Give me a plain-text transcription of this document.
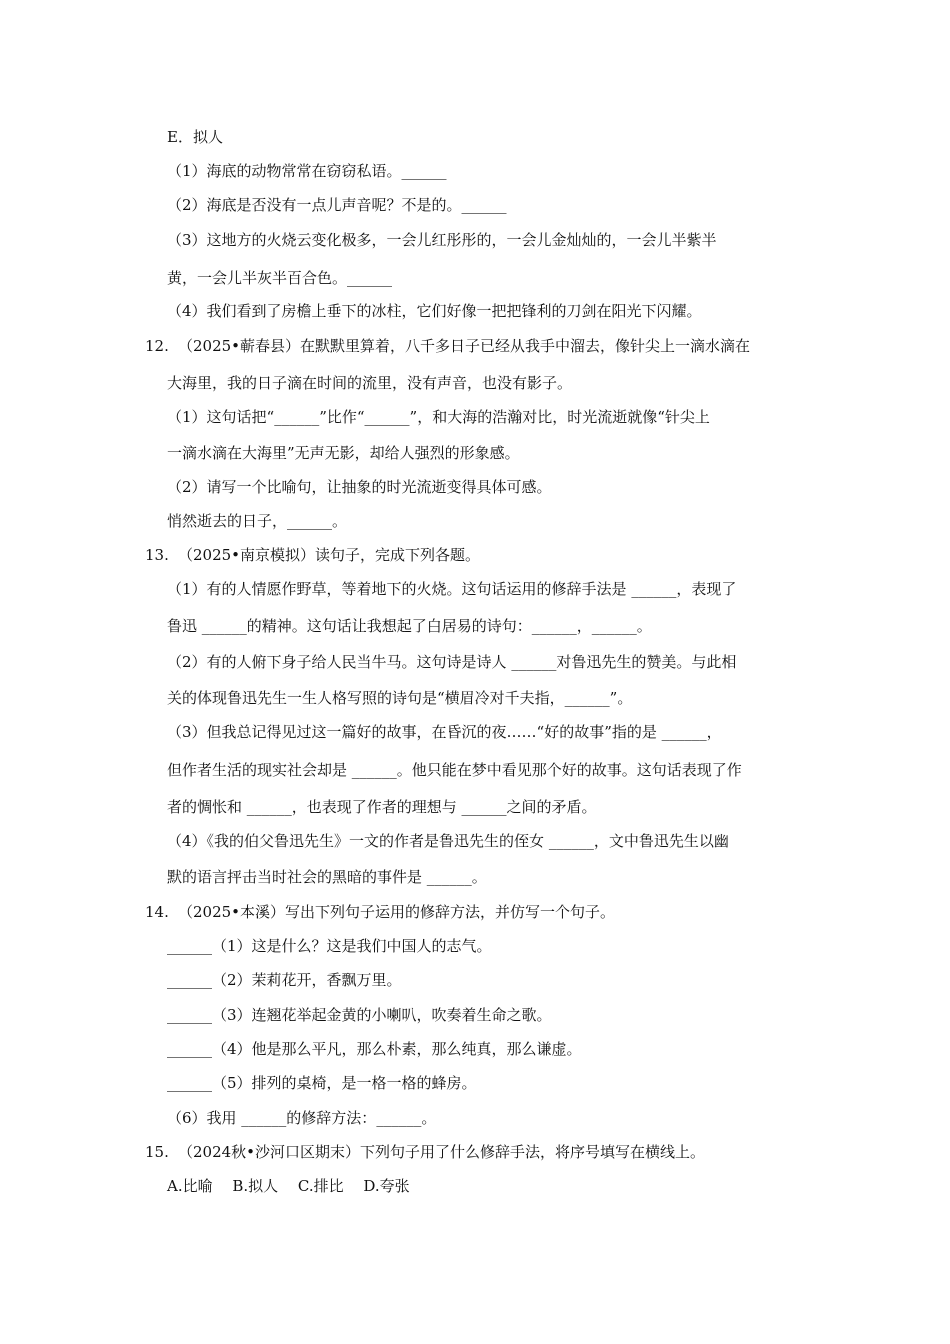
E．拟人
（1）海底的动物常常在窃窃私语。______
（2）海底是否没有一点儿声音呢？不是的。______
（3）这地方的火烧云变化极多，一会儿红彤彤的，一会儿金灿灿的，一会儿半紫半
黄，一会儿半灰半百合色。______
（4）我们看到了房檐上垂下的冰柱，它们好像一把把锋利的刀剑在阳光下闪耀。
12. （2025•蕲春县）在默默里算着，八千多日子已经从我手中溜去，像针尖上一滴水滴在
大海里，我的日子滴在时间的流里，没有声音，也没有影子。
（1）这句话把“______”比作“______”，和大海的浩瀚对比，时光流逝就像“针尖上
一滴水滴在大海里”无声无影，却给人强烈的形象感。
（2）请写一个比喻句，让抽象的时光流逝变得具体可感。
悄然逝去的日子，______。
13. （2025•南京模拟）读句子，完成下列各题。
（1）有的人情愿作野草，等着地下的火烧。这句话运用的修辞手法是 ______，表现了
鲁迅 ______的精神。这句话让我想起了白居易的诗句：______，______。
（2）有的人俯下身子给人民当牛马。这句诗是诗人 ______对鲁迅先生的赞美。与此相
关的体现鲁迅先生一生人格写照的诗句是“横眉冷对千夫指，______”。
（3）但我总记得见过这一篇好的故事，在昏沉的夜……“好的故事”指的是 ______，
但作者生活的现实社会却是 ______。他只能在梦中看见那个好的故事。这句话表现了作
者的惆怅和 ______，也表现了作者的理想与 ______之间的矛盾。
（4）《我的伯父鲁迅先生》一文的作者是鲁迅先生的侄女 ______，文中鲁迅先生以幽
默的语言抨击当时社会的黑暗的事件是 ______。
14. （2025•本溪）写出下列句子运用的修辞方法，并仿写一个句子。
______（1）这是什么？这是我们中国人的志气。
______（2）茉莉花开，香飘万里。
______（3）连翘花举起金黄的小喇叭，吹奏着生命之歌。
______（4）他是那么平凡，那么朴素，那么纯真，那么谦虚。
______（5）排列的桌椅，是一格一格的蜂房。
（6）我用 ______的修辞方法：______。
15. （2024秋•沙河口区期末）下列句子用了什么修辞手法，将序号填写在横线上。
A.比喻　 B.拟人　 C.排比　 D.夸张
